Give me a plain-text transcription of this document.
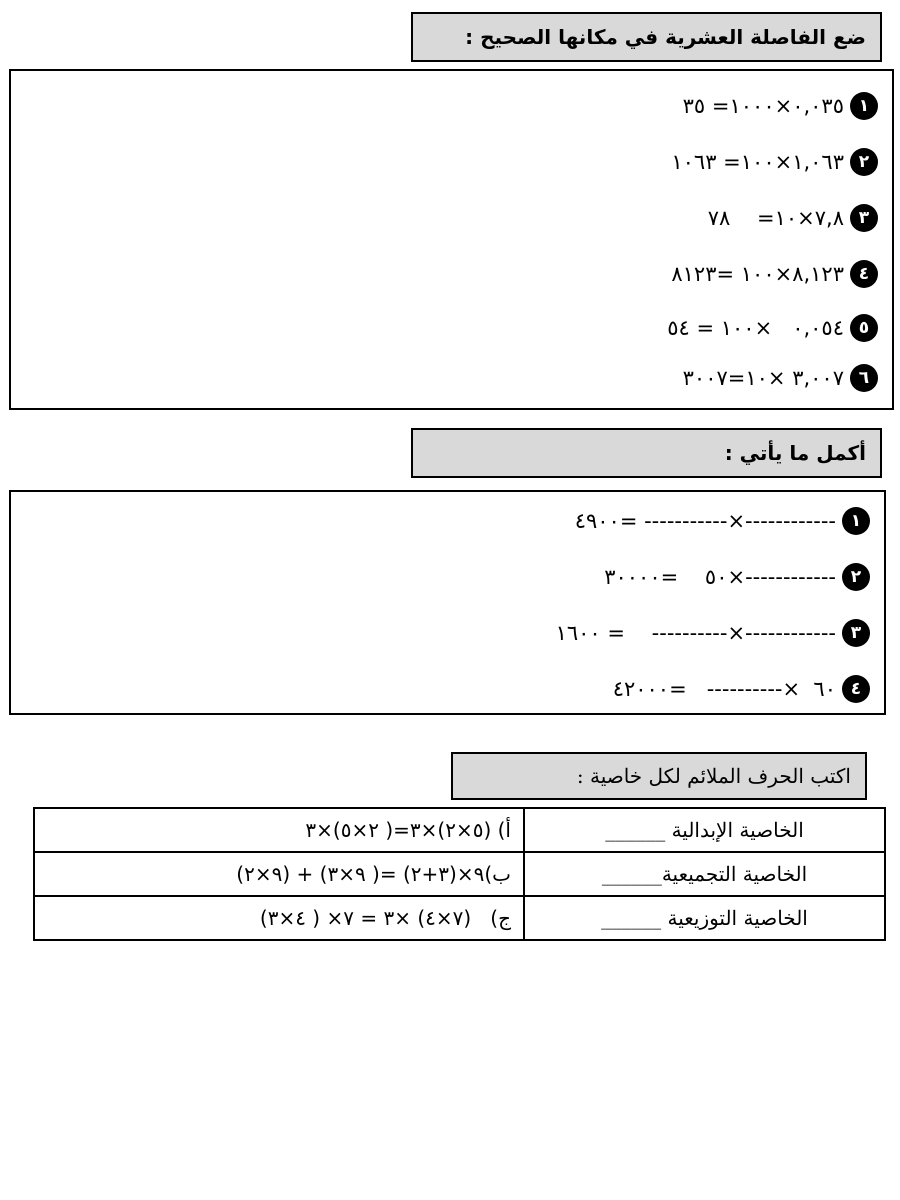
ضع الفاصلة العشرية في مكانها الصحيح :
١
٣٥ =١٠٠٠×٠,٠٣٥
٢
١٠٦٣ =١٠٠×١,٠٦٣
٣
٧٨    =١٠×٧,٨
٤
٨١٢٣= ١٠٠×٨,١٢٣
٥
٥٤ = ١٠٠×   ٠,٠٥٤
٦
٣٠٠٧=١٠× ٣,٠٠٧
أكمل ما يأتي :
١
٤٩٠٠= -----------×------------
٢
٣٠٠٠٠=    ٥٠×------------
٣
١٦٠٠ =    ----------×------------
٤
٤٢٠٠٠=   ----------×  ٦٠
اكتب الحرف الملائم لكل خاصية :
الخاصية الإبدالية ______	أ) (٥×٢)×٣=( ٢×٥)×٣
الخاصية التجميعية______	ب)٩×(٣+٢) =( ٩×٣) + (٩×٢)
الخاصية التوزيعية ______	ج)   (٧×٤) ×٣ = ٧× ( ٤×٣)
